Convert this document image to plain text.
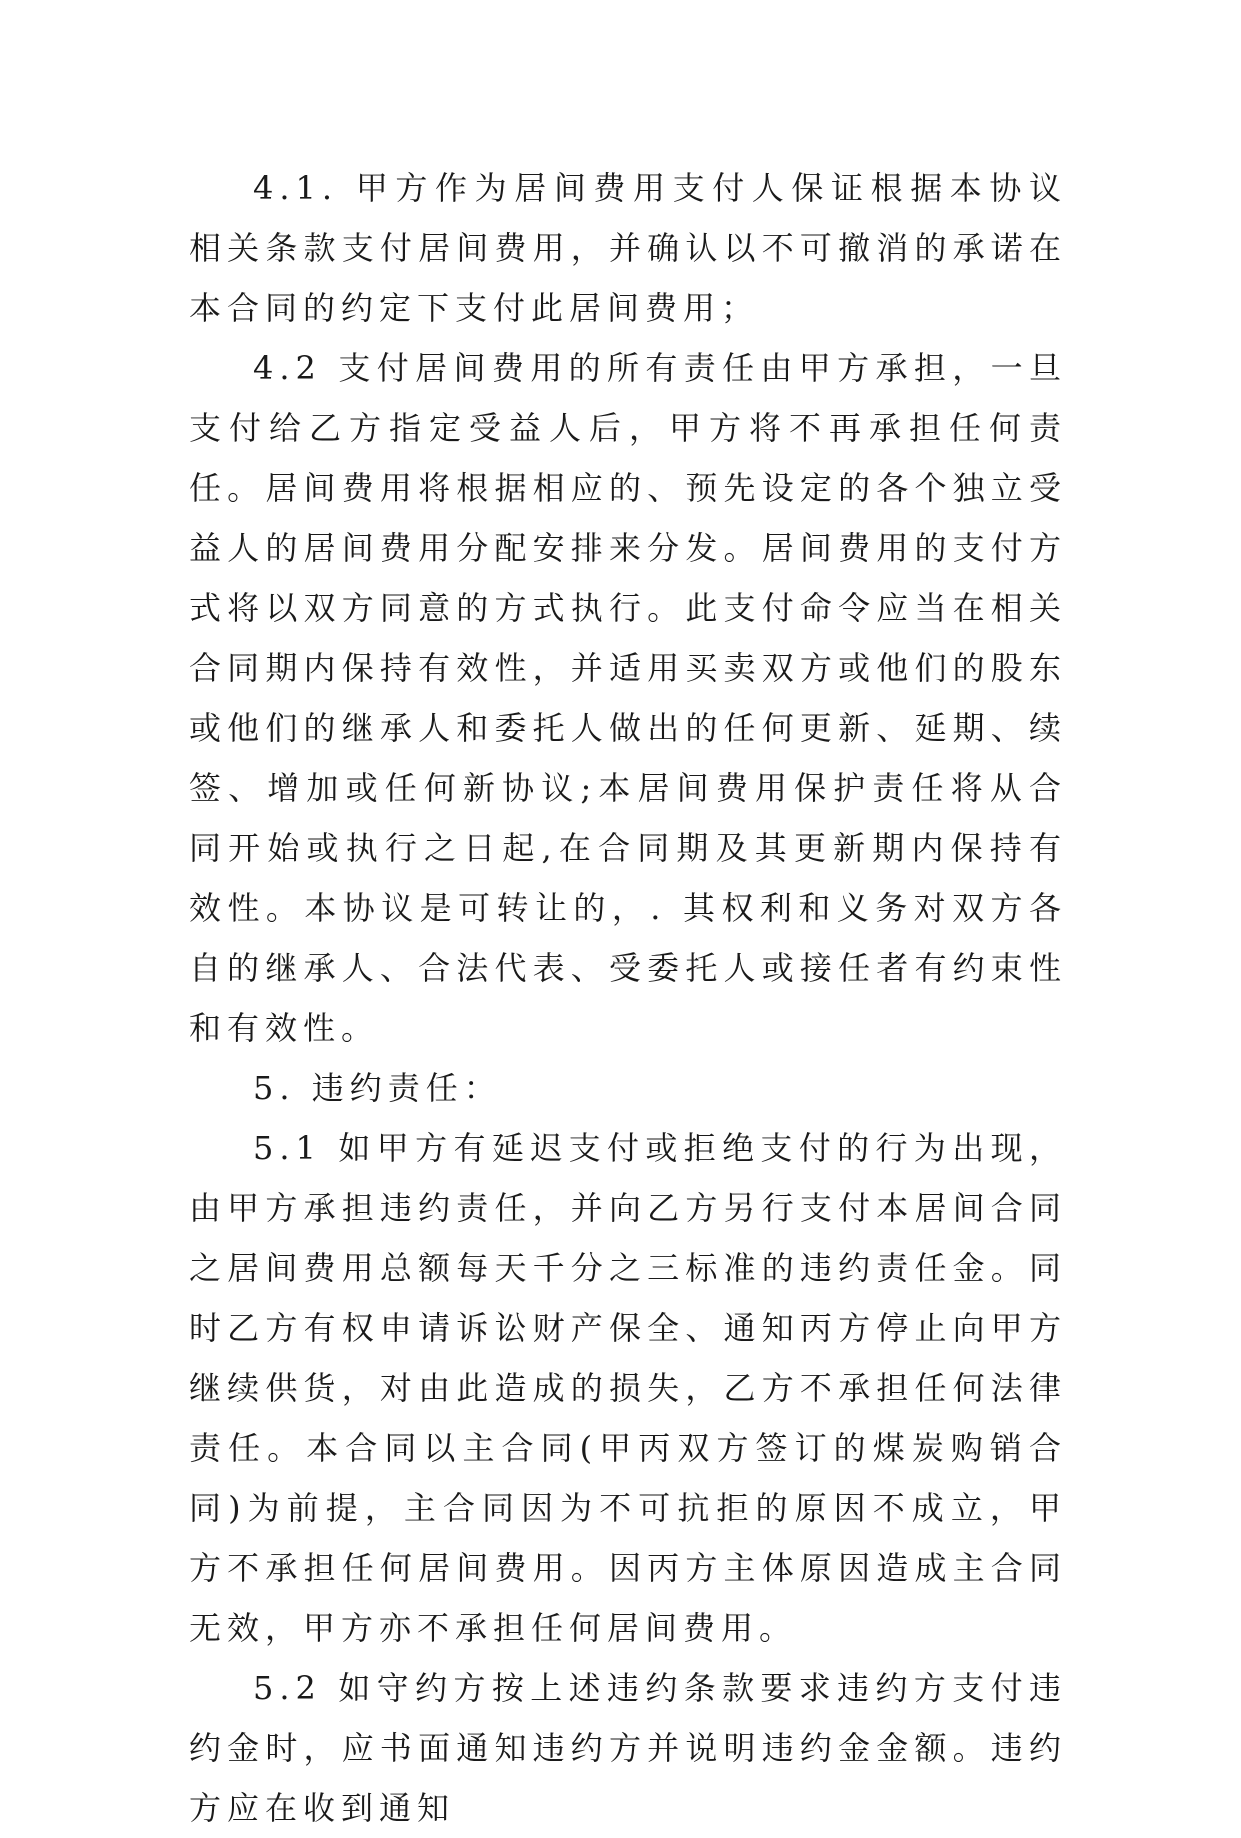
4.1. 甲方作为居间费用支付人保证根据本协议相关条款支付居间费用，并确认以不可撤消的承诺在本合同的约定下支付此居间费用；

4.2 支付居间费用的所有责任由甲方承担，一旦支付给乙方指定受益人后，甲方将不再承担任何责任。居间费用将根据相应的、预先设定的各个独立受益人的居间费用分配安排来分发。居间费用的支付方式将以双方同意的方式执行。此支付命令应当在相关合同期内保持有效性，并适用买卖双方或他们的股东或他们的继承人和委托人做出的任何更新、延期、续签、增加或任何新协议;本居间费用保护责任将从合同开始或执行之日起,在合同期及其更新期内保持有效性。本协议是可转让的，. 其权利和义务对双方各自的继承人、合法代表、受委托人或接任者有约束性和有效性。

5. 违约责任：

5.1 如甲方有延迟支付或拒绝支付的行为出现，由甲方承担违约责任，并向乙方另行支付本居间合同之居间费用总额每天千分之三标准的违约责任金。同时乙方有权申请诉讼财产保全、通知丙方停止向甲方继续供货，对由此造成的损失，乙方不承担任何法律责任。本合同以主合同(甲丙双方签订的煤炭购销合同)为前提，主合同因为不可抗拒的原因不成立，甲方不承担任何居间费用。因丙方主体原因造成主合同无效，甲方亦不承担任何居间费用。

5.2 如守约方按上述违约条款要求违约方支付违约金时，应书面通知违约方并说明违约金金额。违约方应在收到通知
